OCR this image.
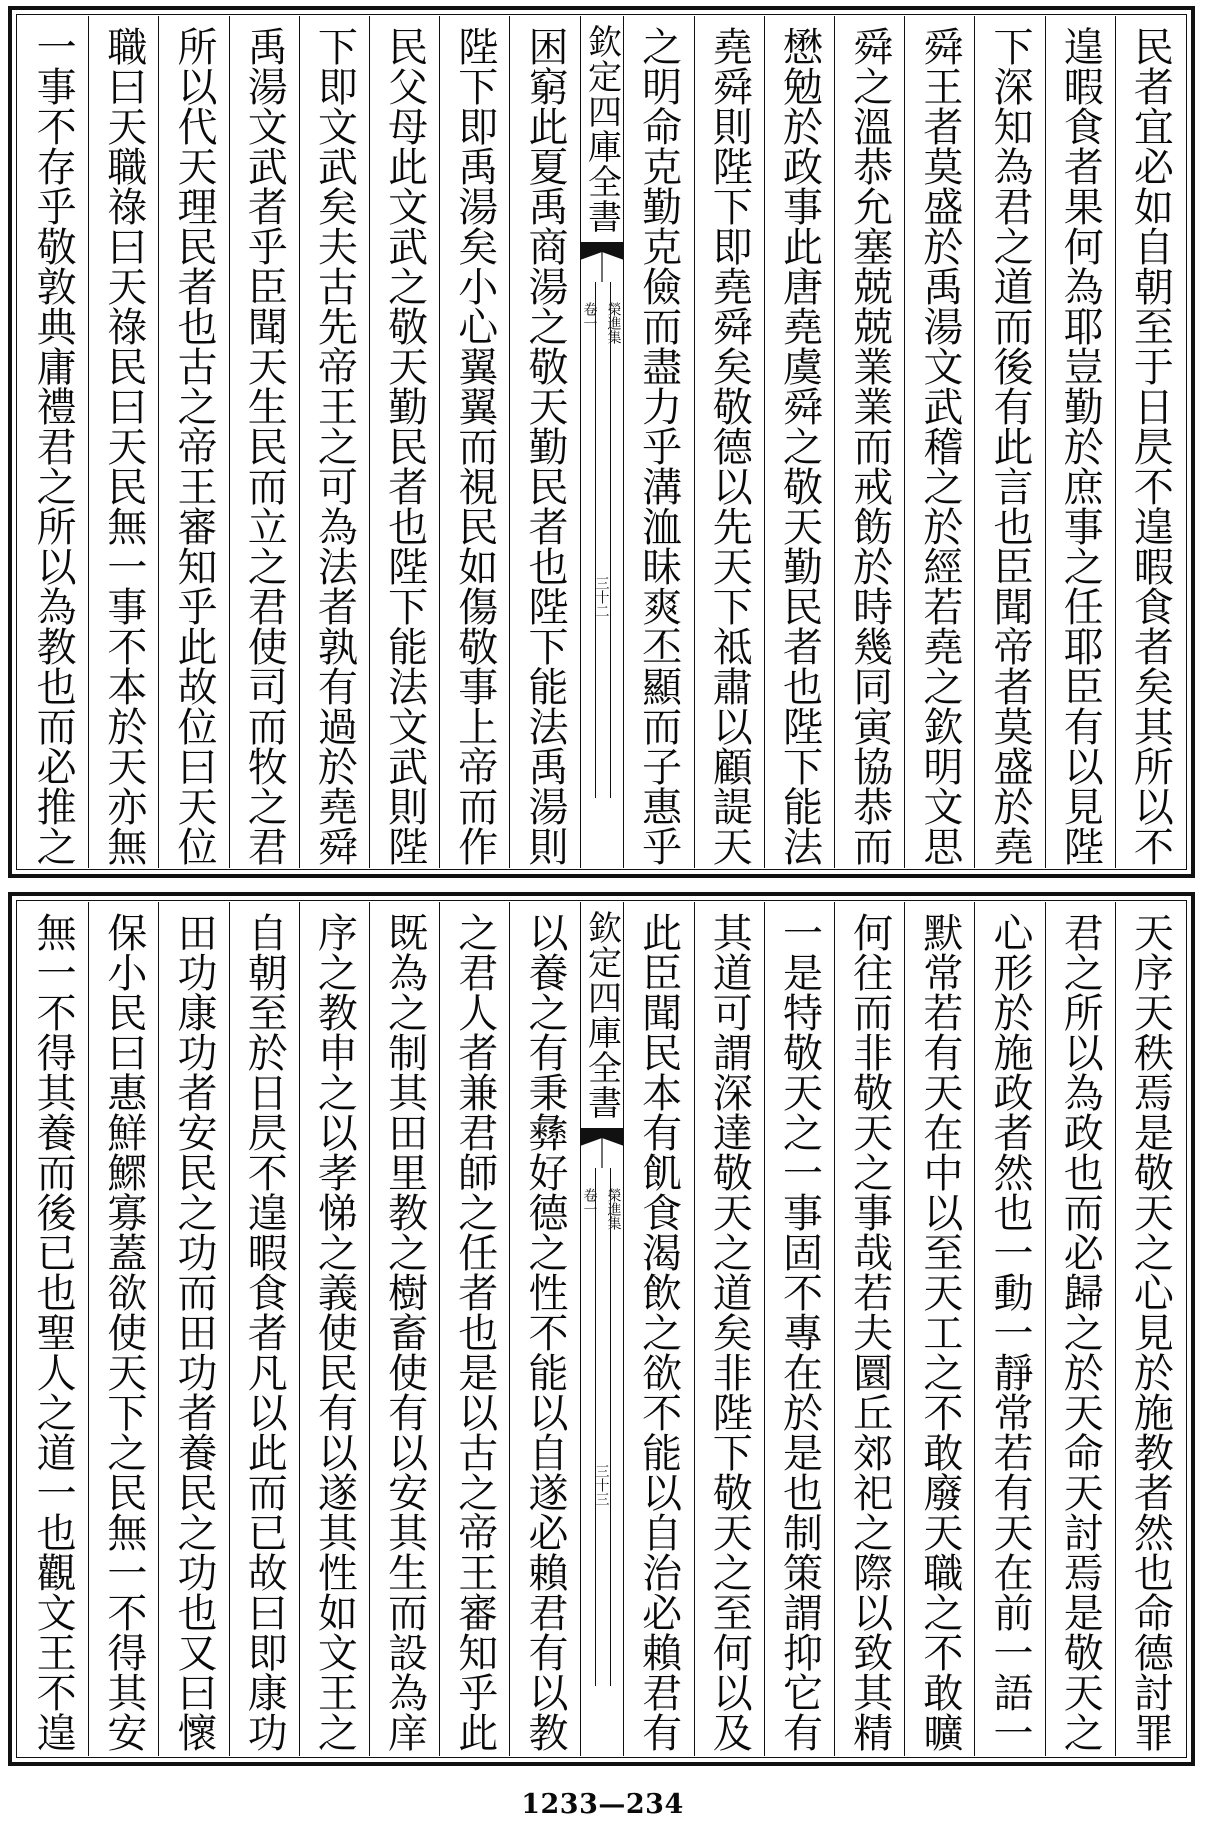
民者宜必如自朝至于日昃不遑暇食者矣其所以不
遑暇食者果何為耶豈勤於庶事之任耶臣有以見陛
下深知為君之道而後有此言也臣聞帝者莫盛於堯
舜王者莫盛於禹湯文武稽之於經若堯之欽明文思
舜之溫恭允塞兢兢業業而戒飭於時幾同寅協恭而
懋勉於政事此唐堯虞舜之敬天勤民者也陛下能法
堯舜則陛下即堯舜矣敬德以先天下祗肅以顧諟天
之明命克勤克儉而盡力乎溝洫昧爽丕顯而子惠乎
欽定四庫全書
榮進集
卷一
三十二
困窮此夏禹商湯之敬天勤民者也陛下能法禹湯則
陛下即禹湯矣小心翼翼而視民如傷敬事上帝而作
民父母此文武之敬天勤民者也陛下能法文武則陛
下即文武矣夫古先帝王之可為法者孰有過於堯舜
禹湯文武者乎臣聞天生民而立之君使司而牧之君
所以代天理民者也古之帝王審知乎此故位曰天位
職曰天職祿曰天祿民曰天民無一事不本於天亦無
一事不存乎敬敦典庸禮君之所以為教也而必推之
天序天秩焉是敬天之心見於施教者然也命德討罪
君之所以為政也而必歸之於天命天討焉是敬天之
心形於施政者然也一動一靜常若有天在前一語一
默常若有天在中以至天工之不敢廢天職之不敢曠
何往而非敬天之事哉若夫圜丘郊祀之際以致其精
一是特敬天之一事固不專在於是也制策謂抑它有
其道可謂深達敬天之道矣非陛下敬天之至何以及
此臣聞民本有飢食渴飲之欲不能以自治必賴君有
欽定四庫全書
榮進集
卷一
三十三
以養之有秉彝好德之性不能以自遂必賴君有以教
之君人者兼君師之任者也是以古之帝王審知乎此
既為之制其田里教之樹畜使有以安其生而設為庠
序之教申之以孝悌之義使民有以遂其性如文王之
自朝至於日昃不遑暇食者凡以此而已故曰即康功
田功康功者安民之功而田功者養民之功也又曰懷
保小民曰惠鮮鰥寡蓋欲使天下之民無一不得其安
無一不得其養而後已也聖人之道一也觀文王不遑
1233—234
